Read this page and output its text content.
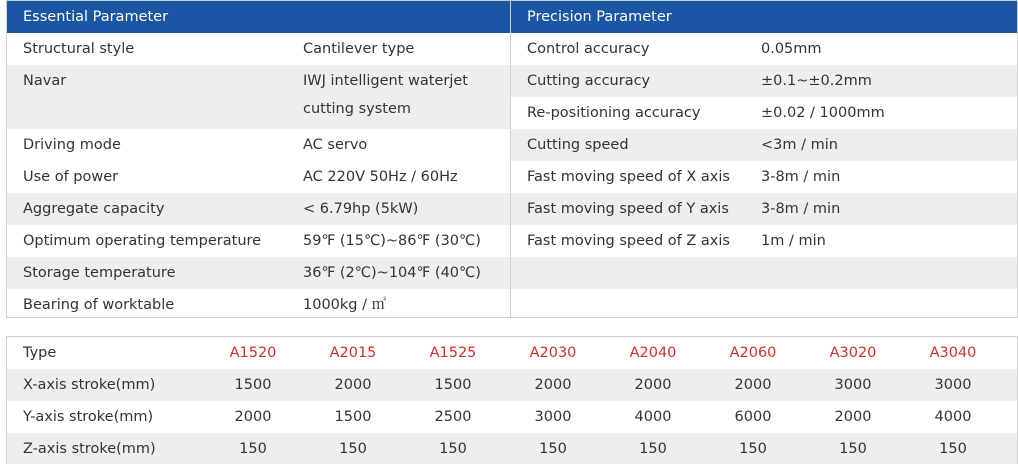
Essential Parameter
Structural style	Cantilever type
Navar	IWJ intelligent waterjet
cutting system
Driving mode	AC servo
Use of power	AC 220V 50Hz / 60Hz
Aggregate capacity	< 6.79hp (5kW)
Optimum operating temperature	59℉ (15℃)~86℉ (30℃)
Storage temperature	36℉ (2℃)~104℉ (40℃)
Bearing of worktable	1000kg / ㎡
Precision Parameter
Control accuracy	0.05mm
Cutting accuracy	±0.1~±0.2mm
Re-positioning accuracy	±0.02 / 1000mm
Cutting speed	<3m / min
Fast moving speed of X axis	3-8m / min
Fast moving speed of Y axis	3-8m / min
Fast moving speed of Z axis	1m / min
Type	A1520	A2015	A1525	A2030	A2040	A2060	A3020	A3040
X-axis stroke(mm)	1500	2000	1500	2000	2000	2000	3000	3000
Y-axis stroke(mm)	2000	1500	2500	3000	4000	6000	2000	4000
Z-axis stroke(mm)	150	150	150	150	150	150	150	150
